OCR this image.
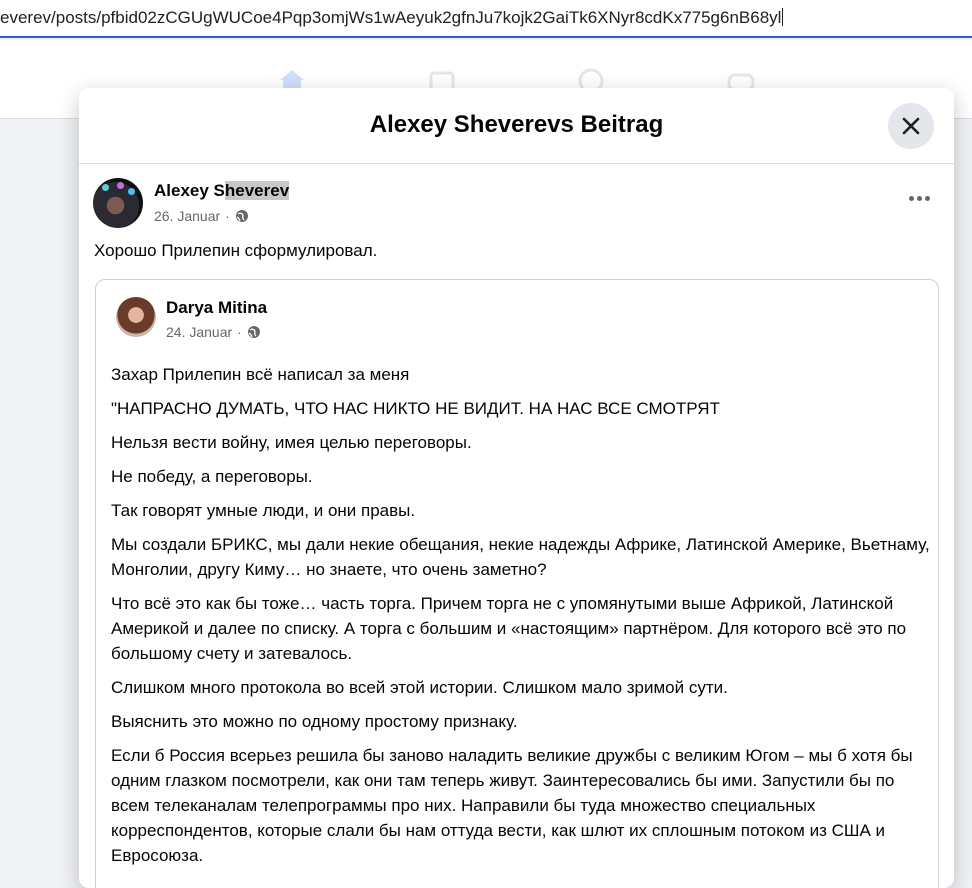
everev/posts/pfbid02zCGUgWUCoe4Pqp3omjWs1wAeyuk2gfnJu7kojk2GaiTk6XNyr8cdKx775g6nB68yl
Alexey Sheverevs Beitrag
Alexey Sheverev
26. Januar ·
Хорошо Прилепин сформулировал.
Darya Mitina
24. Januar ·

Захар Прилепин всё написал за меня

"НАПРАСНО ДУМАТЬ, ЧТО НАС НИКТО НЕ ВИДИТ. НА НАС ВСЕ СМОТРЯТ

Нельзя вести войну, имея целью переговоры.

Не победу, а переговоры.

Так говорят умные люди, и они правы.

Мы создали БРИКС, мы дали некие обещания, некие надежды Африке, Латинской Америке, Вьетнаму, Монголии, другу Киму… но знаете, что очень заметно?

Что всё это как бы тоже… часть торга. Причем торга не с упомянутыми выше Африкой, Латинской Америкой и далее по списку. А торга с большим и «настоящим» партнёром. Для которого всё это по большому счету и затевалось.

Слишком много протокола во всей этой истории. Слишком мало зримой сути.

Выяснить это можно по одному простому признаку.

Если б Россия всерьез решила бы заново наладить великие дружбы с великим Югом – мы б хотя бы одним глазком посмотрели, как они там теперь живут. Заинтересовались бы ими. Запустили бы по всем телеканалам телепрограммы про них. Направили бы туда множество специальных корреспондентов, которые слали бы нам оттуда вести, как шлют их сплошным потоком из США и Евросоюза.
